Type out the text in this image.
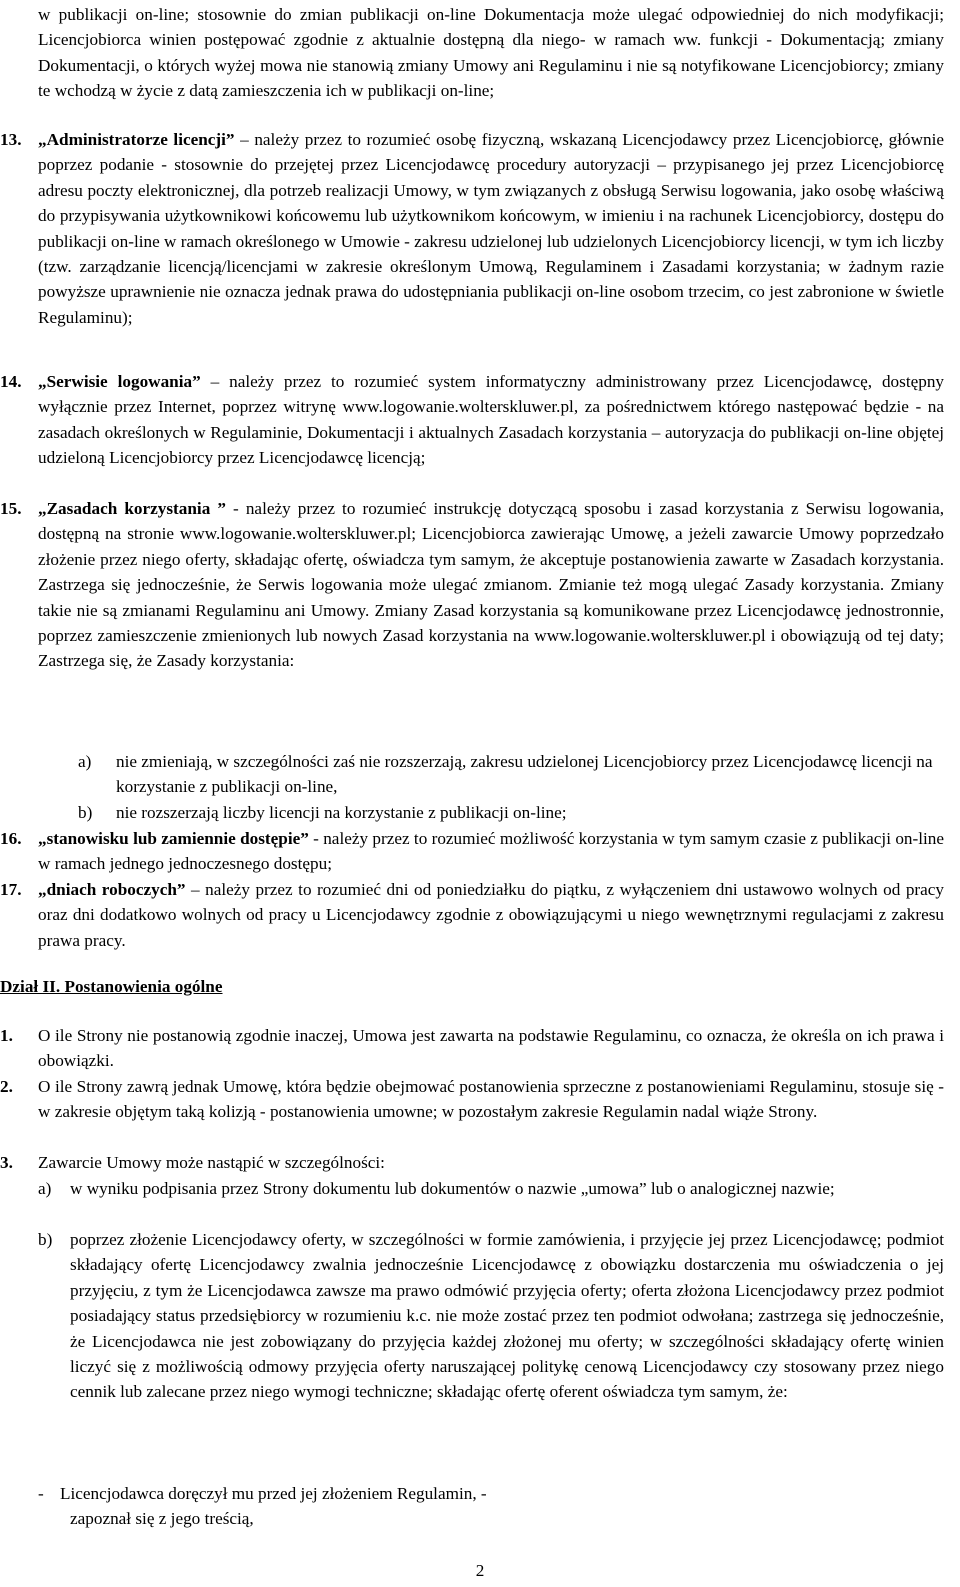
w publikacji on-line; stosownie do zmian publikacji on-line Dokumentacja może ulegać odpowiedniej do nich modyfikacji; Licencjobiorca winien postępować zgodnie z aktualnie dostępną dla niego- w ramach ww. funkcji - Dokumentacją; zmiany Dokumentacji, o których wyżej mowa nie stanowią zmiany Umowy ani Regulaminu i nie są notyfikowane Licencjobiorcy; zmiany te wchodzą w życie z datą zamieszczenia ich w publikacji on-line;

13. „Administratorze licencji” – należy przez to rozumieć osobę fizyczną, wskazaną Licencjodawcy przez Licencjobiorcę, głównie poprzez podanie - stosownie do przejętej przez Licencjodawcę procedury autoryzacji – przypisanego jej przez Licencjobiorcę adresu poczty elektronicznej, dla potrzeb realizacji Umowy, w tym związanych z obsługą Serwisu logowania, jako osobę właściwą do przypisywania użytkownikowi końcowemu lub użytkownikom końcowym, w imieniu i na rachunek Licencjobiorcy, dostępu do publikacji on-line w ramach określonego w Umowie - zakresu udzielonej lub udzielonych Licencjobiorcy licencji, w tym ich liczby (tzw. zarządzanie licencją/licencjami w zakresie określonym Umową, Regulaminem i Zasadami korzystania; w żadnym razie powyższe uprawnienie nie oznacza jednak prawa do udostępniania publikacji on-line osobom trzecim, co jest zabronione w świetle Regulaminu);

14. „Serwisie logowania” – należy przez to rozumieć system informatyczny administrowany przez Licencjodawcę, dostępny wyłącznie przez Internet, poprzez witrynę www.logowanie.wolterskluwer.pl, za pośrednictwem którego następować będzie - na zasadach określonych w Regulaminie, Dokumentacji i aktualnych Zasadach korzystania – autoryzacja do publikacji on-line objętej udzieloną Licencjobiorcy przez Licencjodawcę licencją;

15. „Zasadach korzystania ” - należy przez to rozumieć instrukcję dotyczącą sposobu i zasad korzystania z Serwisu logowania, dostępną na stronie www.logowanie.wolterskluwer.pl; Licencjobiorca zawierając Umowę, a jeżeli zawarcie Umowy poprzedzało złożenie przez niego oferty, składając ofertę, oświadcza tym samym, że akceptuje postanowienia zawarte w Zasadach korzystania. Zastrzega się jednocześnie, że Serwis logowania może ulegać zmianom. Zmianie też mogą ulegać Zasady korzystania. Zmiany takie nie są zmianami Regulaminu ani Umowy. Zmiany Zasad korzystania są komunikowane przez Licencjodawcę jednostronnie, poprzez zamieszczenie zmienionych lub nowych Zasad korzystania na www.logowanie.wolterskluwer.pl i obowiązują od tej daty; Zastrzega się, że Zasady korzystania:

a) nie zmieniają, w szczególności zaś nie rozszerzają, zakresu udzielonej Licencjobiorcy przez Licencjodawcę licencji na korzystanie z publikacji on-line,

b) nie rozszerzają liczby licencji na korzystanie z publikacji on-line;

16. „stanowisku lub zamiennie dostępie” - należy przez to rozumieć możliwość korzystania w tym samym czasie z publikacji on-line w ramach jednego jednoczesnego dostępu;

17. „dniach roboczych” – należy przez to rozumieć dni od poniedziałku do piątku, z wyłączeniem dni ustawowo wolnych od pracy oraz dni dodatkowo wolnych od pracy u Licencjodawcy zgodnie z obowiązującymi u niego wewnętrznymi regulacjami z zakresu prawa pracy.

Dział II. Postanowienia ogólne

1. O ile Strony nie postanowią zgodnie inaczej, Umowa jest zawarta na podstawie Regulaminu, co oznacza, że określa on ich prawa i obowiązki.

2. O ile Strony zawrą jednak Umowę, która będzie obejmować postanowienia sprzeczne z postanowieniami Regulaminu, stosuje się - w zakresie objętym taką kolizją - postanowienia umowne; w pozostałym zakresie Regulamin nadal wiąże Strony.

3. Zawarcie Umowy może nastąpić w szczególności:

a) w wyniku podpisania przez Strony dokumentu lub dokumentów o nazwie „umowa” lub o analogicznej nazwie;

b) poprzez złożenie Licencjodawcy oferty, w szczególności w formie zamówienia, i przyjęcie jej przez Licencjodawcę; podmiot składający ofertę Licencjodawcy zwalnia jednocześnie Licencjodawcę z obowiązku dostarczenia mu oświadczenia o jej przyjęciu, z tym że Licencjodawca zawsze ma prawo odmówić przyjęcia oferty; oferta złożona Licencjodawcy przez podmiot posiadający status przedsiębiorcy w rozumieniu k.c. nie może zostać przez ten podmiot odwołana; zastrzega się jednocześnie, że Licencjodawca nie jest zobowiązany do przyjęcia każdej złożonej mu oferty; w szczególności składający ofertę winien liczyć się z możliwością odmowy przyjęcia oferty naruszającej politykę cenową Licencjodawcy czy stosowany przez niego cennik lub zalecane przez niego wymogi techniczne; składając ofertę oferent oświadcza tym samym, że:

- Licencjodawca doręczył mu przed jej złożeniem Regulamin, -

zapoznał się z jego treścią,

2
